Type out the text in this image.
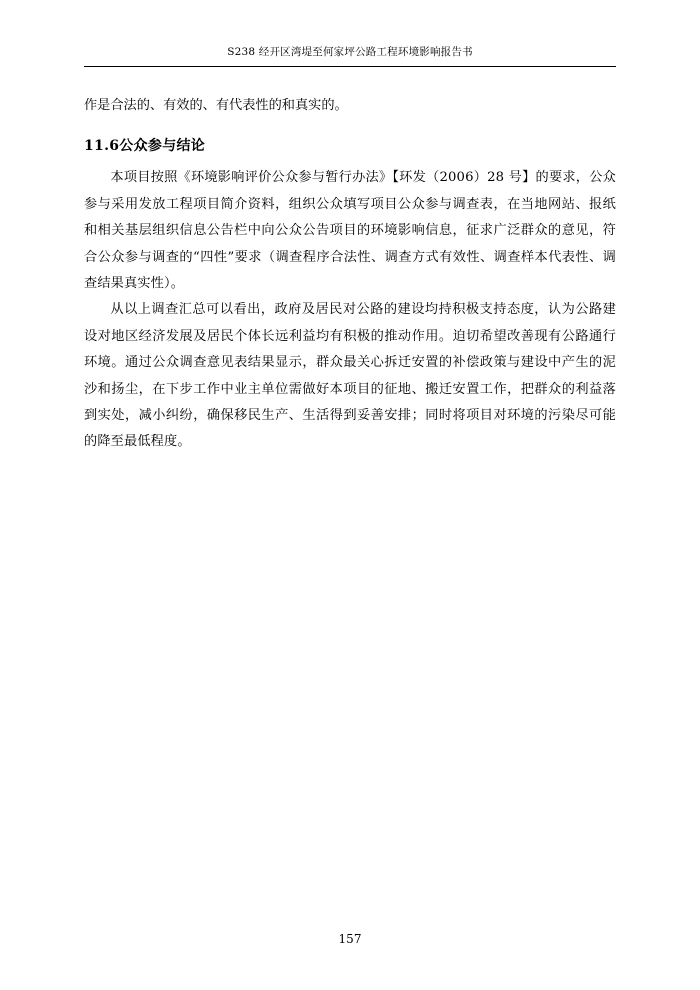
S238 经开区湾堤至何家坪公路工程环境影响报告书

作是合法的、有效的、有代表性的和真实的。

11.6公众参与结论

本项目按照《环境影响评价公众参与暂行办法》【环发（2006）28 号】的要求，公众参与采用发放工程项目简介资料，组织公众填写项目公众参与调查表，在当地网站、报纸和相关基层组织信息公告栏中向公众公告项目的环境影响信息，征求广泛群众的意见，符合公众参与调查的“四性”要求（调查程序合法性、调查方式有效性、调查样本代表性、调查结果真实性）。

从以上调查汇总可以看出，政府及居民对公路的建设均持积极支持态度，认为公路建设对地区经济发展及居民个体长远利益均有积极的推动作用。迫切希望改善现有公路通行环境。通过公众调查意见表结果显示，群众最关心拆迁安置的补偿政策与建设中产生的泥沙和扬尘，在下步工作中业主单位需做好本项目的征地、搬迁安置工作，把群众的利益落到实处，减小纠纷，确保移民生产、生活得到妥善安排；同时将项目对环境的污染尽可能的降至最低程度。

157
